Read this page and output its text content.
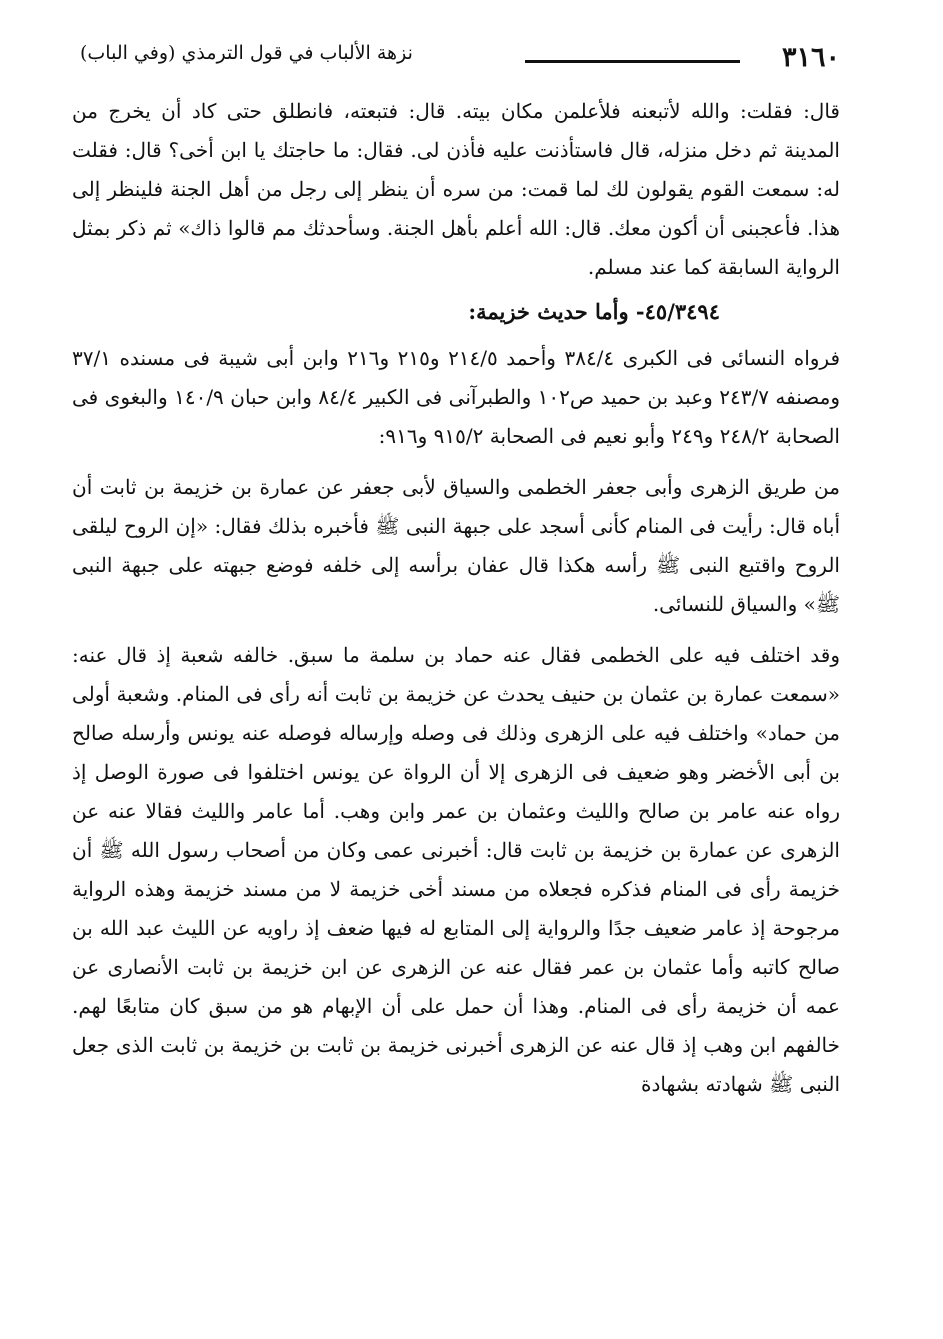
٣١٦٠
نزهة الألباب في قول الترمذي (وفي الباب)

قال: فقلت: والله لأتبعنه فلأعلمن مكان بيته. قال: فتبعته، فانطلق حتى كاد أن يخرج من المدينة ثم دخل منزله، قال فاستأذنت عليه فأذن لى. فقال: ما حاجتك يا ابن أخى؟ قال: فقلت له: سمعت القوم يقولون لك لما قمت: من سره أن ينظر إلى رجل من أهل الجنة فلينظر إلى هذا. فأعجبنى أن أكون معك. قال: الله أعلم بأهل الجنة. وسأحدثك مم قالوا ذاك» ثم ذكر بمثل الرواية السابقة كما عند مسلم.

٤٥/٣٤٩٤- وأما حديث خزيمة:

فرواه النسائى فى الكبرى ٣٨٤/٤ وأحمد ٢١٤/٥ و٢١٥ و٢١٦ وابن أبى شيبة فى مسنده ٣٧/١ ومصنفه ٢٤٣/٧ وعبد بن حميد ص١٠٢ والطبرآنى فى الكبير ٨٤/٤ وابن حبان ١٤٠/٩ والبغوى فى الصحابة ٢٤٨/٢ و٢٤٩ وأبو نعيم فى الصحابة ٩١٥/٢ و٩١٦:

من طريق الزهرى وأبى جعفر الخطمى والسياق لأبى جعفر عن عمارة بن خزيمة بن ثابت أن أباه قال: رأيت فى المنام كأنى أسجد على جبهة النبى ﷺ فأخبره بذلك فقال: «إن الروح ليلقى الروح واقتبع النبى ﷺ رأسه هكذا قال عفان برأسه إلى خلفه فوضع جبهته على جبهة النبى ﷺ» والسياق للنسائى.

وقد اختلف فيه على الخطمى فقال عنه حماد بن سلمة ما سبق. خالفه شعبة إذ قال عنه: «سمعت عمارة بن عثمان بن حنيف يحدث عن خزيمة بن ثابت أنه رأى فى المنام. وشعبة أولى من حماد» واختلف فيه على الزهرى وذلك فى وصله وإرساله فوصله عنه يونس وأرسله صالح بن أبى الأخضر وهو ضعيف فى الزهرى إلا أن الرواة عن يونس اختلفوا فى صورة الوصل إذ رواه عنه عامر بن صالح والليث وعثمان بن عمر وابن وهب. أما عامر والليث فقالا عنه عن الزهرى عن عمارة بن خزيمة بن ثابت قال: أخبرنى عمى وكان من أصحاب رسول الله ﷺ أن خزيمة رأى فى المنام فذكره فجعلاه من مسند أخى خزيمة لا من مسند خزيمة وهذه الرواية مرجوحة إذ عامر ضعيف جدًا والرواية إلى المتابع له فيها ضعف إذ راويه عن الليث عبد الله بن صالح كاتبه وأما عثمان بن عمر فقال عنه عن الزهرى عن ابن خزيمة بن ثابت الأنصارى عن عمه أن خزيمة رأى فى المنام. وهذا أن حمل على أن الإبهام هو من سبق كان متابعًا لهم. خالفهم ابن وهب إذ قال عنه عن الزهرى أخبرنى خزيمة بن ثابت بن خزيمة بن ثابت الذى جعل النبى ﷺ شهادته بشهادة
